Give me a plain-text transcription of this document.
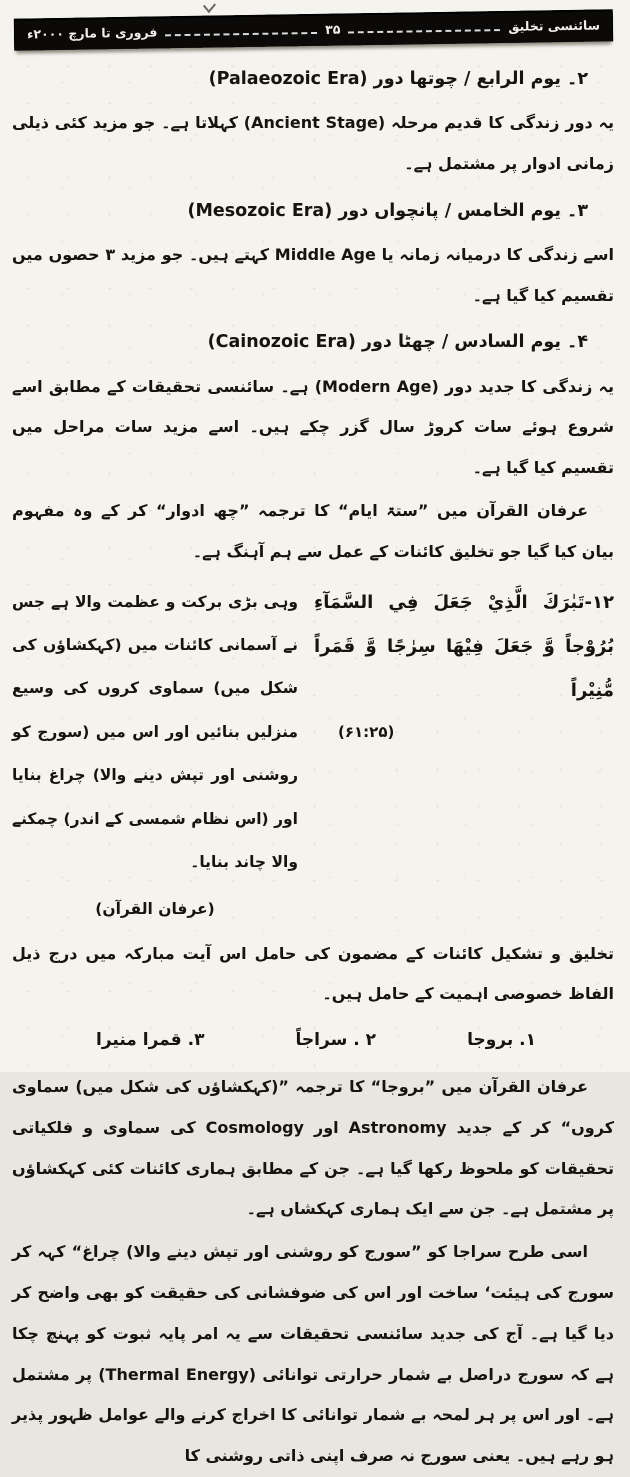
سائنسی تخلیق
۳۵
فروری تا مارچ ۲۰۰۰ء
۲۔ یوم الرابع / چوتھا دور (Palaeozoic Era)

یہ دور زندگی کا قدیم مرحلہ (Ancient Stage) کہلاتا ہے۔ جو مزید کئی ذیلی زمانی ادوار پر مشتمل ہے۔

۳۔ یوم الخامس / پانچواں دور (Mesozoic Era)

اسے زندگی کا درمیانہ زمانہ یا Middle Age کہتے ہیں۔ جو مزید ۳ حصوں میں تقسیم کیا گیا ہے۔

۴۔ یوم السادس / چھٹا دور (Cainozoic Era)

یہ زندگی کا جدید دور (Modern Age) ہے۔ سائنسی تحقیقات کے مطابق اسے شروع ہوئے سات کروڑ سال گزر چکے ہیں۔ اسے مزید سات مراحل میں تقسیم کیا گیا ہے۔

عرفان القرآن میں ”ستۃ ایام“ کا ترجمہ ”چھ ادوار“ کر کے وہ مفہوم بیان کیا گیا جو تخلیق کائنات کے عمل سے ہم آہنگ ہے۔

۱۲-تَبٰرَكَ الَّذِيْ جَعَلَ فِي السَّمَآءِ بُرُوْجاً وَّ جَعَلَ فِيْهَا سِرٰجًا وَّ قَمَراً مُّنِيْراً
(۶۱:۲۵)
وہی بڑی برکت و عظمت والا ہے جس نے آسمانی کائنات میں (کہکشاؤں کی شکل میں) سماوی کروں کی وسیع منزلیں بنائیں اور اس میں (سورج کو روشنی اور تپش دینے والا) چراغ بنایا اور (اس نظام شمسی کے اندر) چمکنے والا چاند بنایا۔
(عرفان القرآن)

تخلیق و تشکیل کائنات کے مضمون کی حامل اس آیت مبارکہ میں درج ذیل الفاظ خصوصی اہمیت کے حامل ہیں۔

۱. بروجا
۲ . سراجاً
۳. قمرا منیرا

عرفان القرآن میں ”بروجا“ کا ترجمہ ”(کہکشاؤں کی شکل میں) سماوی کروں“ کر کے جدید Astronomy اور Cosmology کی سماوی و فلکیاتی تحقیقات کو ملحوظ رکھا گیا ہے۔ جن کے مطابق ہماری کائنات کئی کہکشاؤں پر مشتمل ہے۔ جن سے ایک ہماری کہکشاں ہے۔

اسی طرح سراجا کو ”سورج کو روشنی اور تپش دینے والا) چراغ“ کہہ کر سورج کی ہیئت‘ ساخت اور اس کی ضوفشانی کی حقیقت کو بھی واضح کر دیا گیا ہے۔ آج کی جدید سائنسی تحقیقات سے یہ امر پایہ ثبوت کو پہنچ چکا ہے کہ سورج دراصل بے شمار حرارتی توانائی (Thermal Energy) پر مشتمل ہے۔ اور اس پر ہر لمحہ بے شمار توانائی کا اخراج کرنے والے عوامل ظہور پذیر ہو رہے ہیں۔ یعنی سورج نہ صرف اپنی ذاتی روشنی کا
